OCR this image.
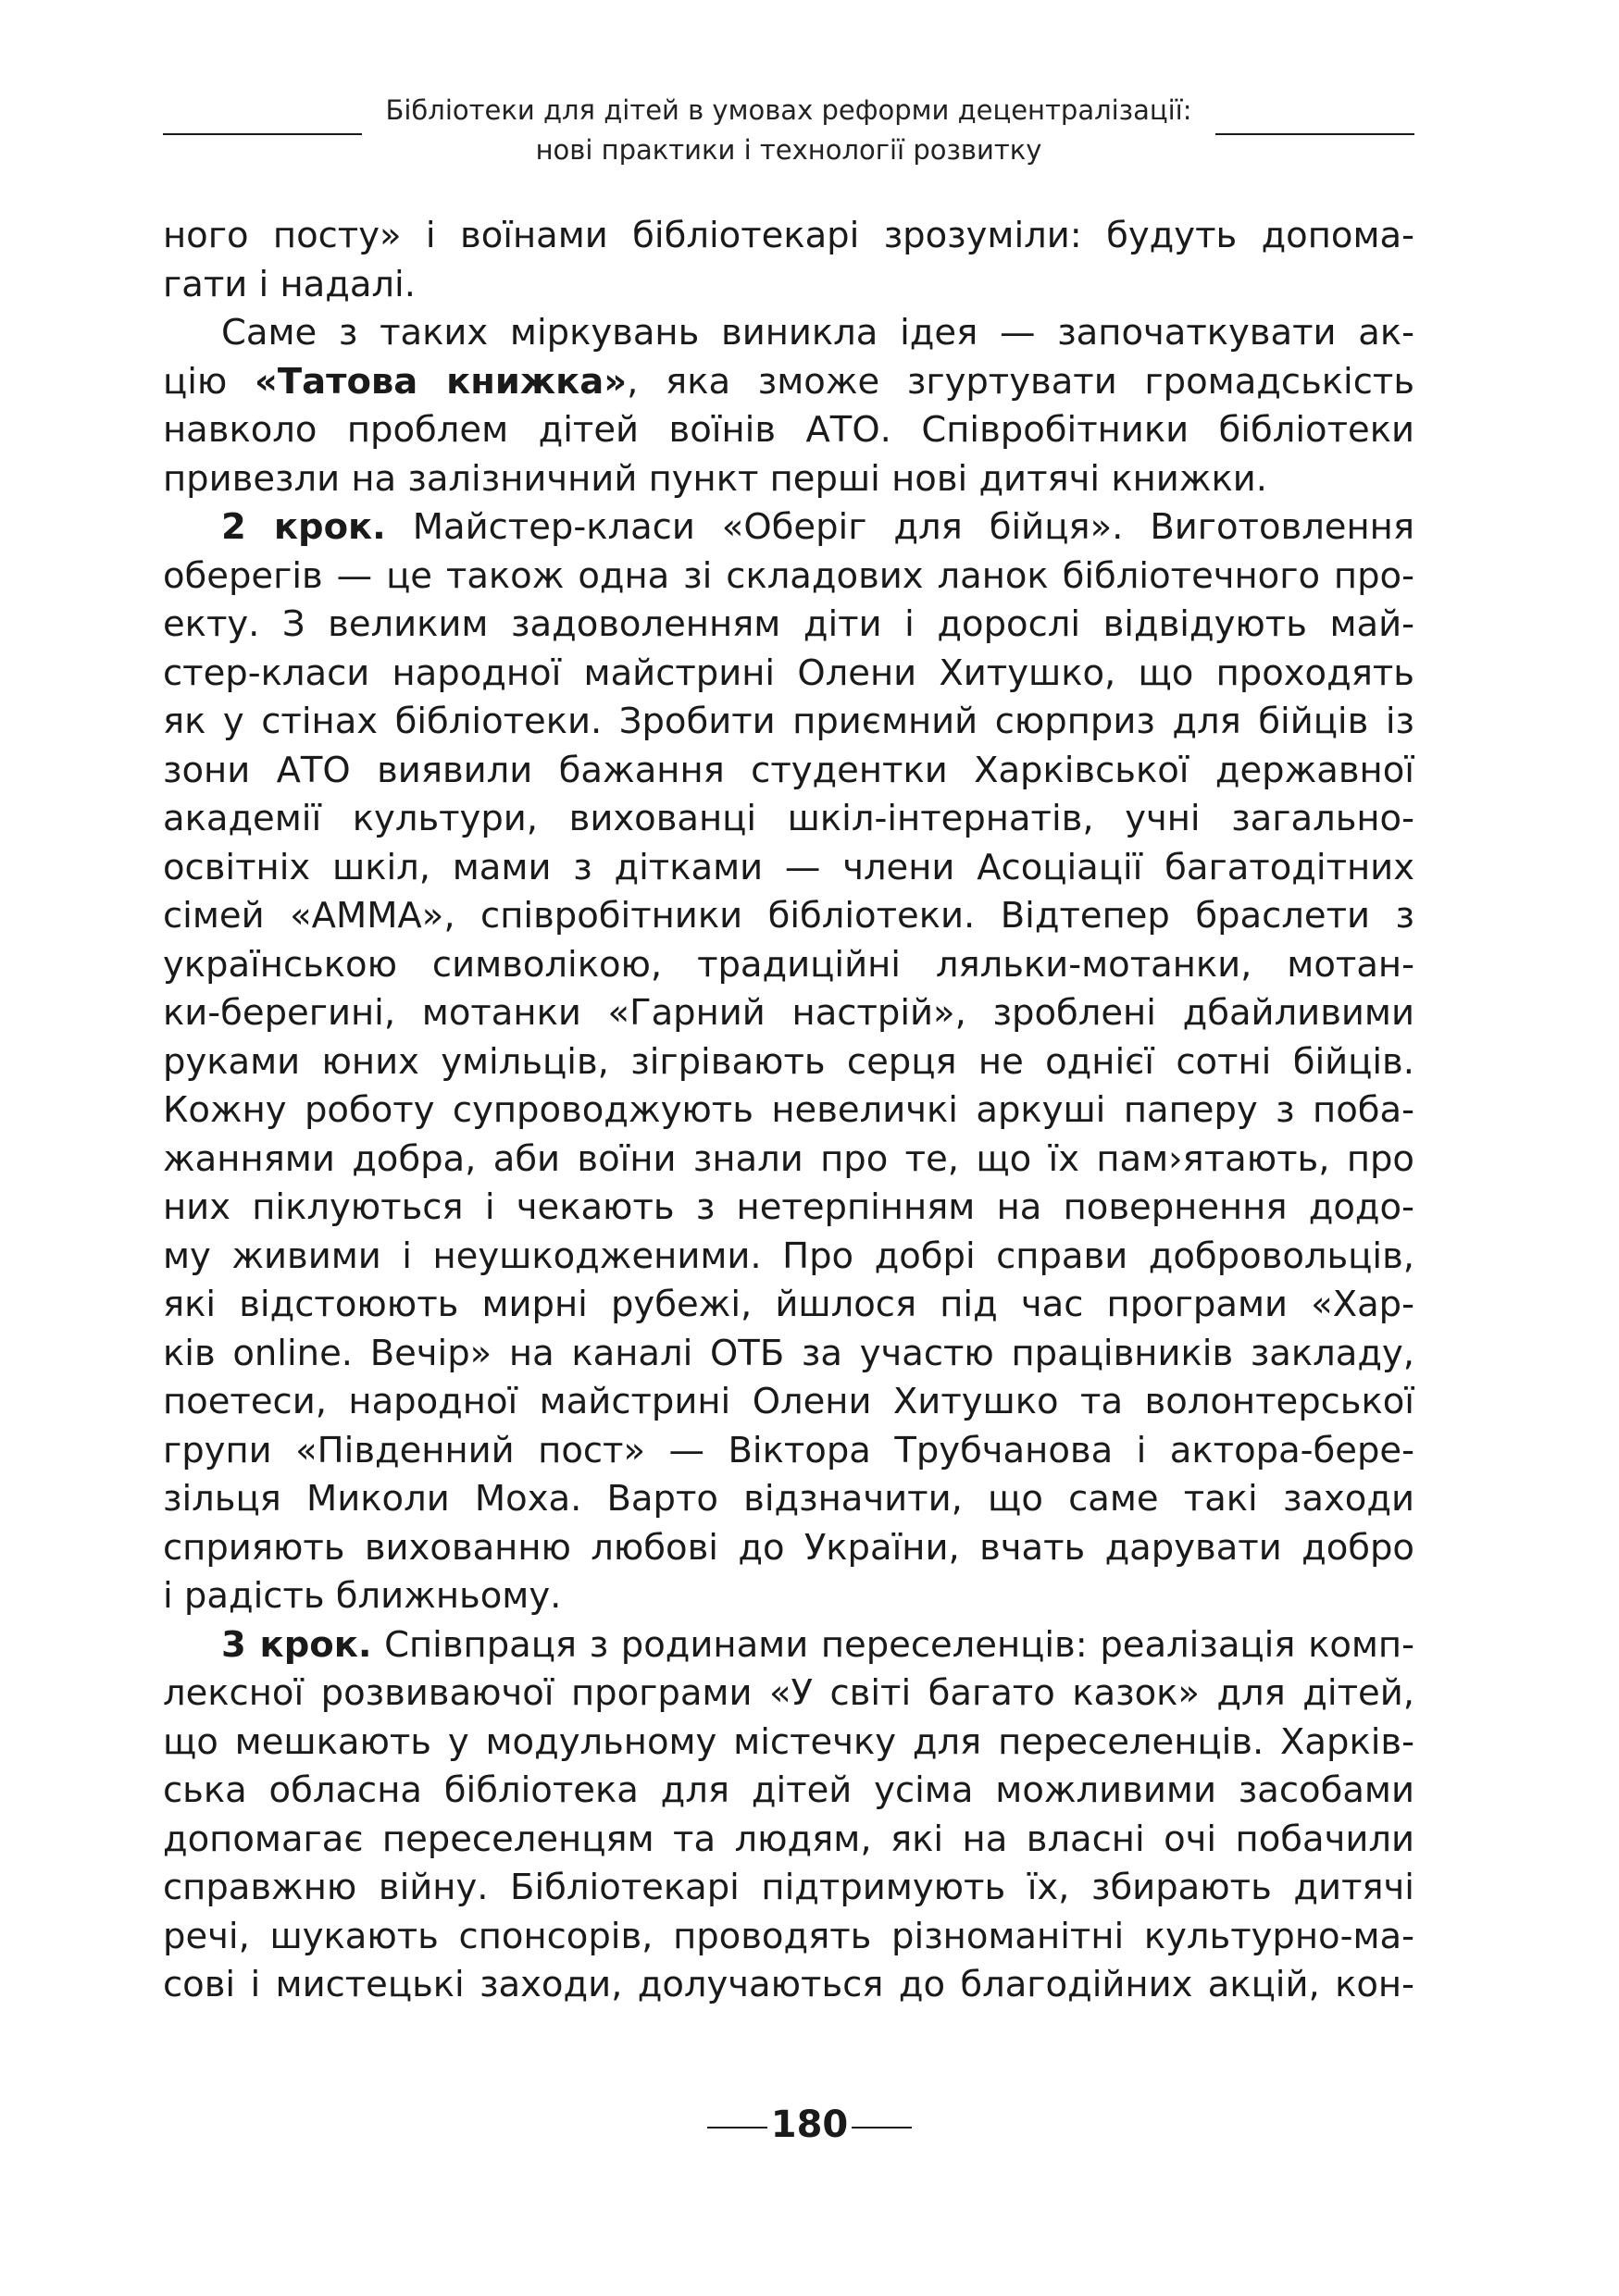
Бібліотеки для дітей в умовах реформи децентралізації:
нові практики і технології розвитку
ного посту» і воїнами бібліотекарі зрозуміли: будуть допома-
гати і надалі.
Саме з таких міркувань виникла ідея — започаткувати ак-
цію «Татова книжка», яка зможе згуртувати громадськість
навколо проблем дітей воїнів АТО. Співробітники бібліотеки
привезли на залізничний пункт перші нові дитячі книжки.
2 крок. Майстер-класи «Оберіг для бійця». Виготовлення
оберегів — це також одна зі складових ланок бібліотечного про-
екту. З великим задоволенням діти і дорослі відвідують май-
стер-класи народної майстрині Олени Хитушко, що проходять
як у стінах бібліотеки. Зробити приємний сюрприз для бійців із
зони АТО виявили бажання студентки Харківської державної
академії культури, вихованці шкіл-інтернатів, учні загально-
освітніх шкіл, мами з дітками — члени Асоціації багатодітних
сімей «АММА», співробітники бібліотеки. Відтепер браслети з
українською символікою, традиційні ляльки-мотанки, мотан-
ки-берегині, мотанки «Гарний настрій», зроблені дбайливими
руками юних умільців, зігрівають серця не однієї сотні бійців.
Кожну роботу супроводжують невеличкі аркуші паперу з поба-
жаннями добра, аби воїни знали про те, що їх пам›ятають, про
них піклуються і чекають з нетерпінням на повернення додо-
му живими і неушкодженими. Про добрі справи добровольців,
які відстоюють мирні рубежі, йшлося під час програми «Хар-
ків online. Вечір» на каналі ОТБ за участю працівників закладу,
поетеси, народної майстрині Олени Хитушко та волонтерської
групи «Південний пост» — Віктора Трубчанова і актора-бере-
зільця Миколи Моха. Варто відзначити, що саме такі заходи
сприяють вихованню любові до України, вчать дарувати добро
і радість ближньому.
3 крок. Співпраця з родинами переселенців: реалізація комп-
лексної розвиваючої програми «У світі багато казок» для дітей,
що мешкають у модульному містечку для переселенців. Харків-
ська обласна бібліотека для дітей усіма можливими засобами
допомагає переселенцям та людям, які на власні очі побачили
справжню війну. Бібліотекарі підтримують їх, збирають дитячі
речі, шукають спонсорів, проводять різноманітні культурно-ма-
сові і мистецькі заходи, долучаються до благодійних акцій, кон-
180
